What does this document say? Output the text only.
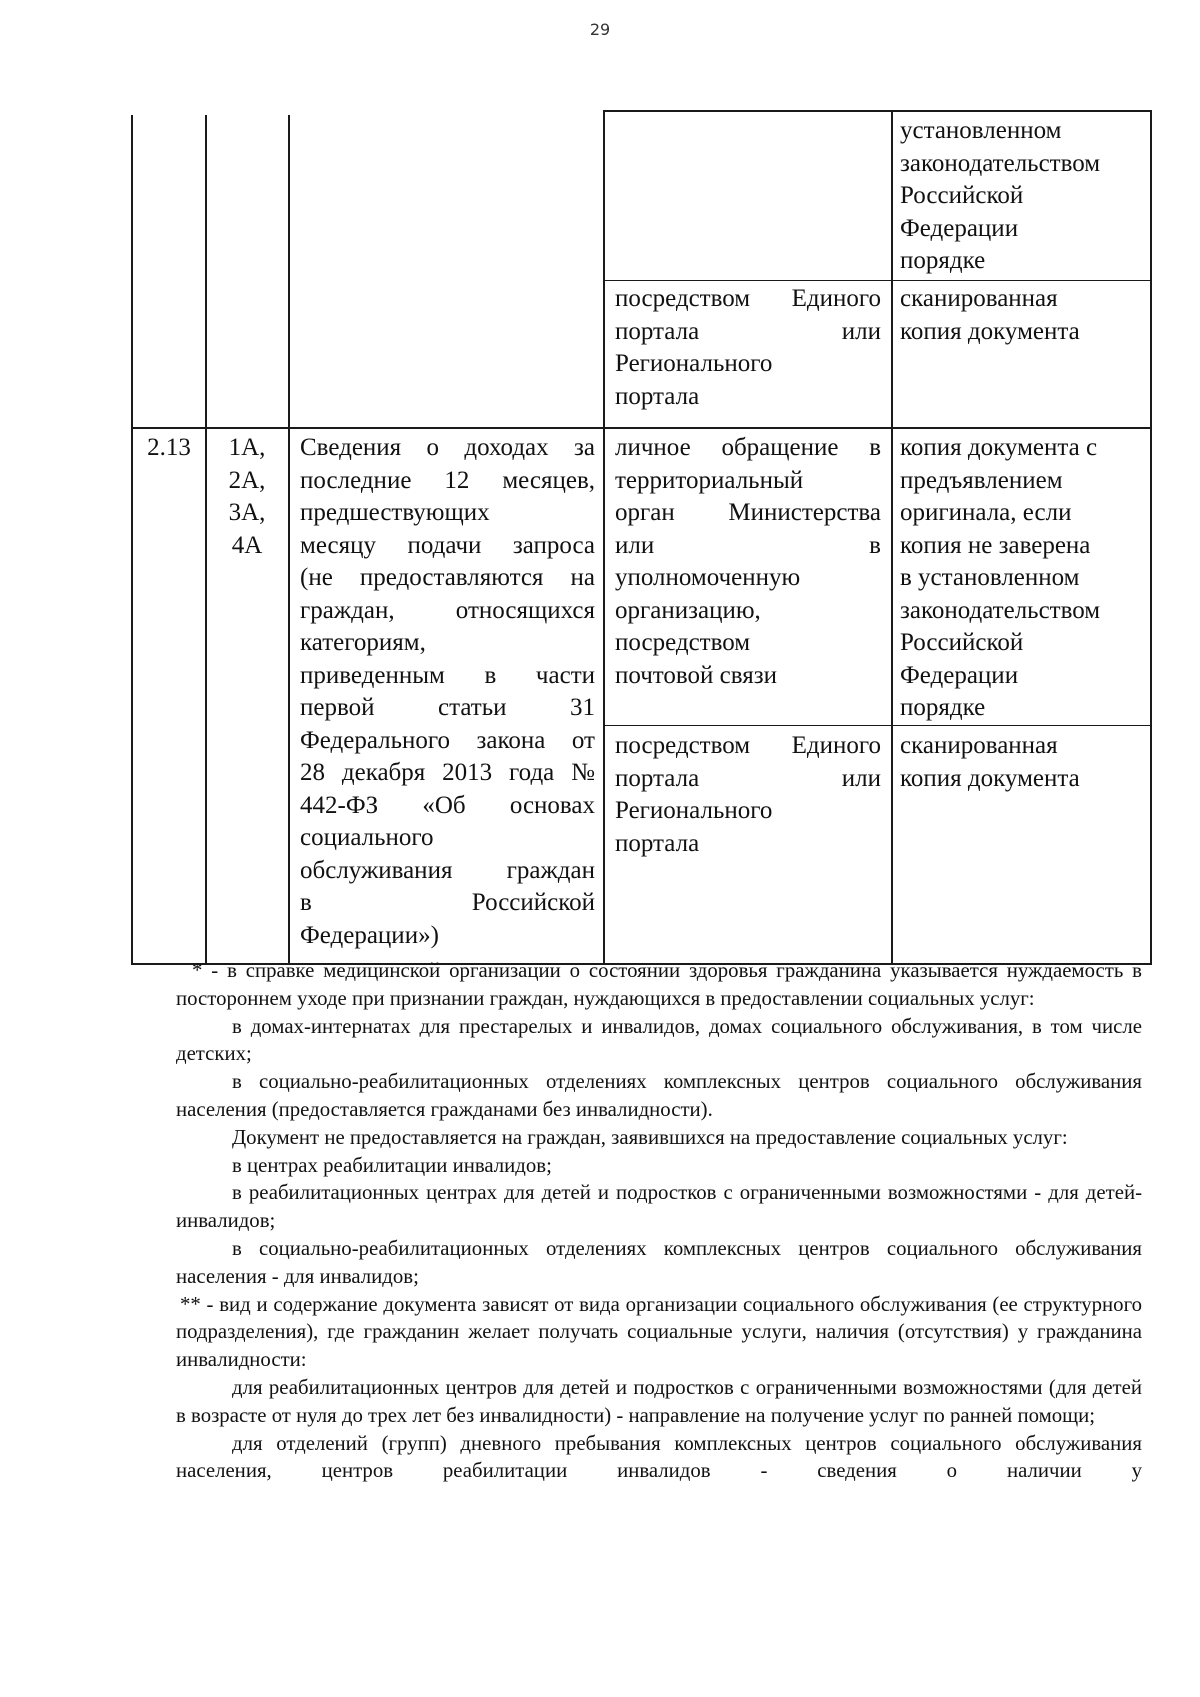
29
установленном
законодательством
Российской
Федерации
порядке
посредством Единого
портала или
Регионального
портала
сканированная
копия документа
2.13	1А,
2А,
3А,
4А
Сведения о доходах за
последние 12 месяцев,
предшествующих
месяцу подачи запроса
(не предоставляются на
граждан, относящихся
категориям,
приведенным в части
первой статьи 31
Федерального закона от
28 декабря 2013 года №
442-ФЗ «Об основах
социального
обслуживания граждан
в Российской
Федерации»)
личное обращение в
территориальный
орган Министерства
или в
уполномоченную
организацию,
посредством
почтовой связи
копия документа с
предъявлением
оригинала, если
копия не заверена
в установленном
законодательством
Российской
Федерации
порядке
посредством Единого
портала или
Регионального
портала
сканированная
копия документа

* - в справке медицинской организации о состоянии здоровья гражданина указывается нуждаемость в постороннем уходе при признании граждан, нуждающихся в предоставлении социальных услуг:

в домах-интернатах для престарелых и инвалидов, домах социального обслуживания, в том числе детских;

в социально-реабилитационных отделениях комплексных центров социального обслуживания населения (предоставляется гражданами без инвалидности).

Документ не предоставляется на граждан, заявившихся на предоставление социальных услуг:

в центрах реабилитации инвалидов;

в реабилитационных центрах для детей и подростков с ограниченными возможностями - для детей-инвалидов;

в социально-реабилитационных отделениях комплексных центров социального обслуживания населения - для инвалидов;

** - вид и содержание документа зависят от вида организации социального обслуживания (ее структурного подразделения), где гражданин желает получать социальные услуги, наличия (отсутствия) у гражданина инвалидности:

для реабилитационных центров для детей и подростков с ограниченными возможностями (для детей в возрасте от нуля до трех лет без инвалидности) - направление на получение услуг по ранней помощи;

для отделений (групп) дневного пребывания комплексных центров социального обслуживания населения, центров реабилитации инвалидов - сведения о наличии у
